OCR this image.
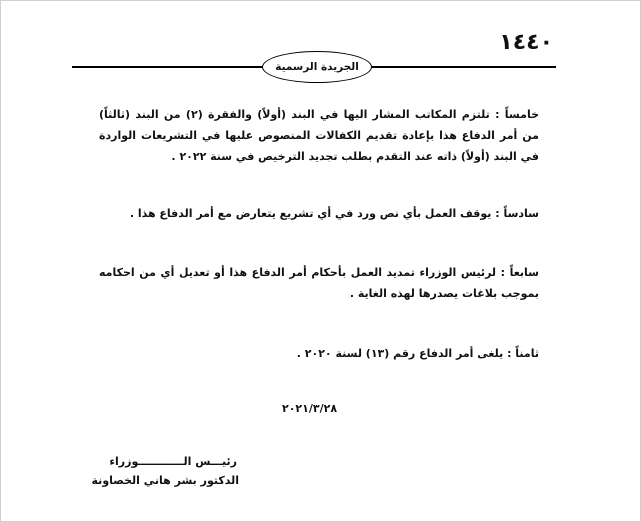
١٤٤٠
الجريدة الرسمية
خامساً : تلتزم المكاتب المشار اليها في البند (أولاً) والفقرة (٢) من البند (ثالثاً) من أمر الدفاع هذا بإعادة تقديم الكفالات المنصوص عليها في التشريعات الواردة في البند (أولاً) ذاته عند التقدم بطلب تجديد الترخيص في سنة ٢٠٢٢ .
سادساً : يوقف العمل بأي نص ورد في أي تشريع يتعارض مع أمر الدفاع هذا .
سابعاً : لرئيس الوزراء تمديد العمل بأحكام أمر الدفاع هذا أو تعديل أي من احكامه بموجب بلاغات يصدرها لهذه الغاية .
ثامناً : يلغى أمر الدفاع رقم (١٣) لسنة ٢٠٢٠ .
٢٠٢١/٣/٢٨
رئيـــس الــــــــــــوزراء
الدكتور بشر هاني الخصاونة
